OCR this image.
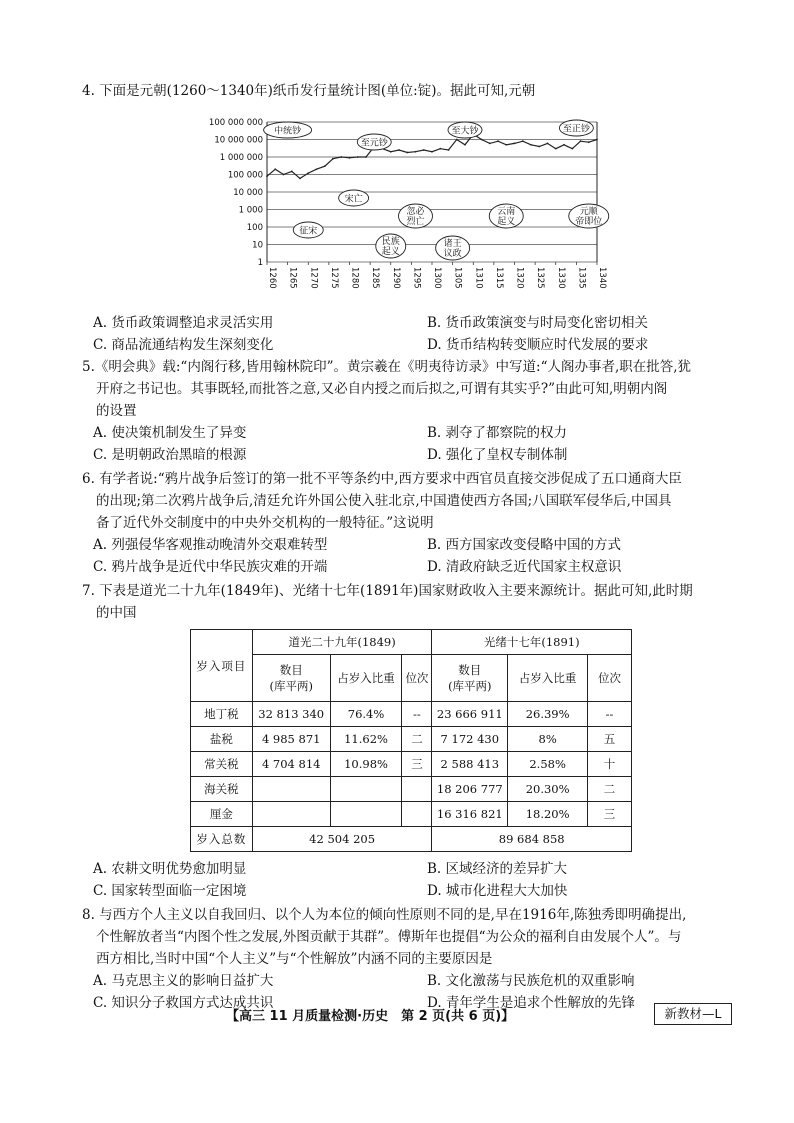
4. 下面是元朝(1260～1340年)纸币发行量统计图(单位:锭)。据此可知,元朝
100 000 000
10 000 000
1 000 000
100 000
10 000
1 000
100
10
1
1260 1265 1270 1275 1280 1285 1290 1295 1300 1305 1310 1315 1320 1325 1330 1335 1340
中统钞
征宋
宋亡
至元钞
民族
起义
忽必
烈亡
诸王
议政
至大钞
云南
起义
至正钞
元顺
帝即位
A. 货币政策调整追求灵活实用	B. 货币政策演变与时局变化密切相关
C. 商品流通结构发生深刻变化	D. 货币结构转变顺应时代发展的要求
5.《明会典》载:“内阁行移,皆用翰林院印”。黄宗羲在《明夷待访录》中写道:“人阁办事者,职在批答,犹
开府之书记也。其事既轻,而批答之意,又必自内授之而后拟之,可谓有其实乎?”由此可知,明朝内阁
的设置
A. 使决策机制发生了异变	B. 剥夺了都察院的权力
C. 是明朝政治黑暗的根源	D. 强化了皇权专制体制
6. 有学者说:“鸦片战争后签订的第一批不平等条约中,西方要求中西官员直接交涉促成了五口通商大臣
的出现;第二次鸦片战争后,清廷允许外国公使入驻北京,中国遣使西方各国;八国联军侵华后,中国具
备了近代外交制度中的中央外交机构的一般特征。”这说明
A. 列强侵华客观推动晚清外交艰难转型	B. 西方国家改变侵略中国的方式
C. 鸦片战争是近代中华民族灾难的开端	D. 清政府缺乏近代国家主权意识
7. 下表是道光二十九年(1849年)、光绪十七年(1891年)国家财政收入主要来源统计。据此可知,此时期
的中国
岁入项目	道光二十九年(1849)			光绪十七年(1891)		
	数目
(库平两)	占岁入比重	位次	数目
(库平两)	占岁入比重	位次
地丁税	32 813 340	76.4%	--	23 666 911	26.39%	--
盐税	4 985 871	11.62%	二	7 172 430	8%	五
常关税	4 704 814	10.98%	三	2 588 413	2.58%	十
海关税				18 206 777	20.30%	二
厘金				16 316 821	18.20%	三
岁入总数	42 504 205			89 684 858		
A. 农耕文明优势愈加明显	B. 区域经济的差异扩大
C. 国家转型面临一定困境	D. 城市化进程大大加快
8. 与西方个人主义以自我回归、以个人为本位的倾向性原则不同的是,早在1916年,陈独秀即明确提出,
个性解放者当“内图个性之发展,外图贡献于其群”。傅斯年也提倡“为公众的福利自由发展个人”。与
西方相比,当时中国“个人主义”与“个性解放”内涵不同的主要原因是
A. 马克思主义的影响日益扩大	B. 文化激荡与民族危机的双重影响
C. 知识分子救国方式达成共识	D. 青年学生是追求个性解放的先锋
【高三 11 月质量检测·历史　第 2 页(共 6 页)】	新教材—L
